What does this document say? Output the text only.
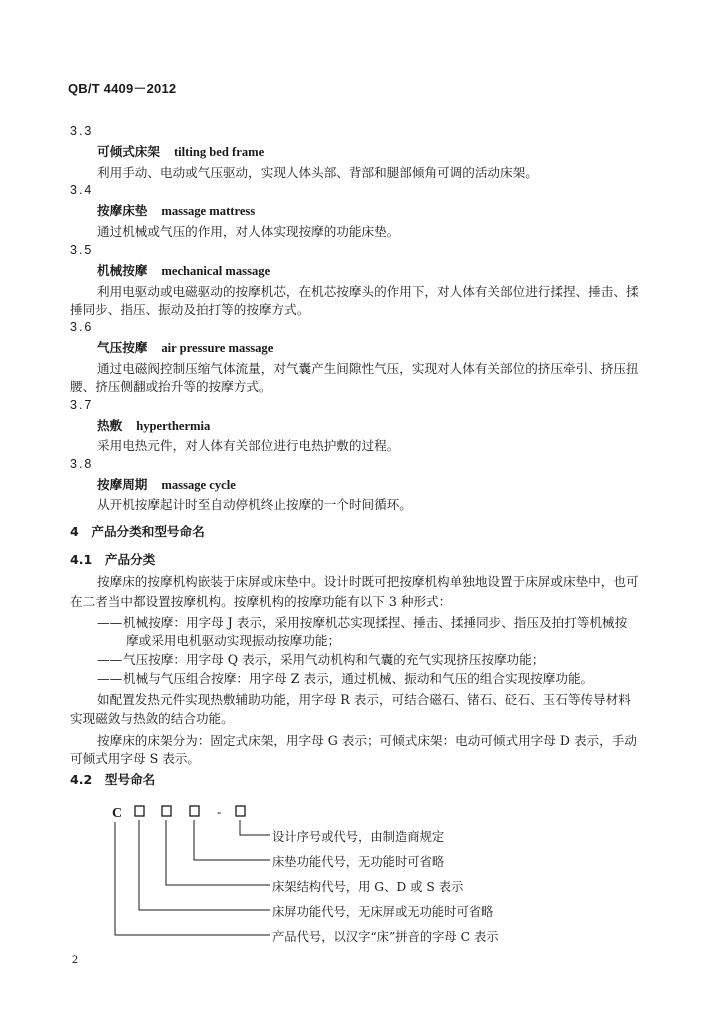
QB/T 4409－2012
3.3
可倾式床架 tilting bed frame
利用手动、电动或气压驱动，实现人体头部、背部和腿部倾角可调的活动床架。
3.4
按摩床垫 massage mattress
通过机械或气压的作用，对人体实现按摩的功能床垫。
3.5
机械按摩 mechanical massage
利用电驱动或电磁驱动的按摩机芯，在机芯按摩头的作用下，对人体有关部位进行揉捏、捶击、揉
捶同步、指压、振动及拍打等的按摩方式。
3.6
气压按摩 air pressure massage
通过电磁阀控制压缩气体流量，对气囊产生间隙性气压，实现对人体有关部位的挤压牵引、挤压扭
腰、挤压侧翻或抬升等的按摩方式。
3.7
热敷 hyperthermia
采用电热元件，对人体有关部位进行电热护敷的过程。
3.8
按摩周期 massage cycle
从开机按摩起计时至自动停机终止按摩的一个时间循环。
4　产品分类和型号命名
4.1　产品分类
按摩床的按摩机构嵌装于床屏或床垫中。设计时既可把按摩机构单独地设置于床屏或床垫中，也可
在二者当中都设置按摩机构。按摩机构的按摩功能有以下 3 种形式：
——机械按摩：用字母 J 表示，采用按摩机芯实现揉捏、捶击、揉捶同步、指压及拍打等机械按
摩或采用电机驱动实现振动按摩功能；
——气压按摩：用字母 Q 表示，采用气动机构和气囊的充气实现挤压按摩功能；
——机械与气压组合按摩：用字母 Z 表示，通过机械、振动和气压的组合实现按摩功能。
如配置发热元件实现热敷辅助功能，用字母 R 表示，可结合磁石、锗石、砭石、玉石等传导材料
实现磁敛与热敛的结合功能。
按摩床的床架分为：固定式床架，用字母 G 表示；可倾式床架：电动可倾式用字母 D 表示，手动
可倾式用字母 S 表示。
4.2　型号命名
C	-
设计序号或代号，由制造商规定
床垫功能代号，无功能时可省略
床架结构代号，用 G、D 或 S 表示
床屏功能代号，无床屏或无功能时可省略
产品代号，以汉字“床”拼音的字母 C 表示
2
